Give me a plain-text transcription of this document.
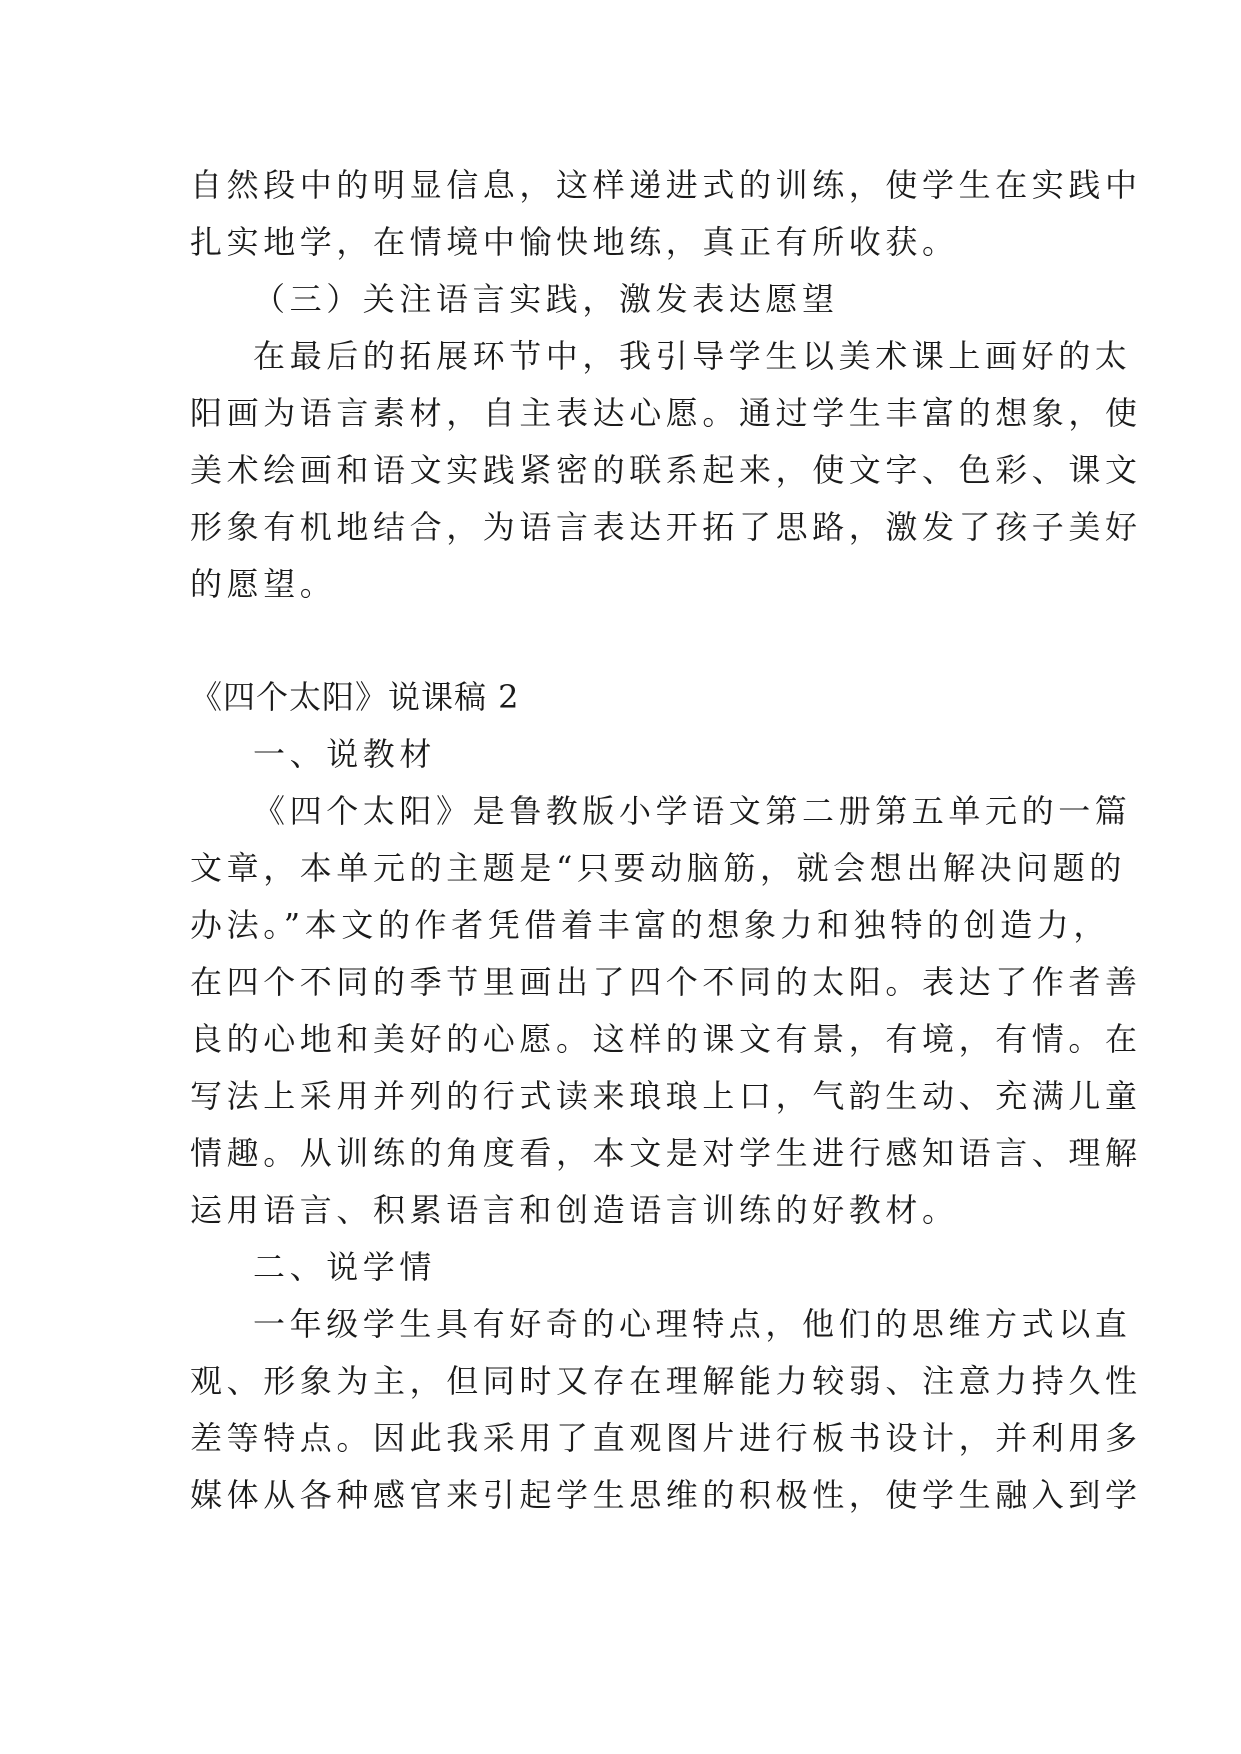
自然段中的明显信息，这样递进式的训练，使学生在实践中
扎实地学，在情境中愉快地练，真正有所收获。
（三）关注语言实践，激发表达愿望
在最后的拓展环节中，我引导学生以美术课上画好的太
阳画为语言素材，自主表达心愿。通过学生丰富的想象，使
美术绘画和语文实践紧密的联系起来，使文字、色彩、课文
形象有机地结合，为语言表达开拓了思路，激发了孩子美好
的愿望。
《四个太阳》说课稿 2
一、说教材
《四个太阳》是鲁教版小学语文第二册第五单元的一篇
文章，本单元的主题是“只要动脑筋，就会想出解决问题的
办法。”本文的作者凭借着丰富的想象力和独特的创造力，
在四个不同的季节里画出了四个不同的太阳。表达了作者善
良的心地和美好的心愿。这样的课文有景，有境，有情。在
写法上采用并列的行式读来琅琅上口，气韵生动、充满儿童
情趣。从训练的角度看，本文是对学生进行感知语言、理解
运用语言、积累语言和创造语言训练的好教材。
二、说学情
一年级学生具有好奇的心理特点，他们的思维方式以直
观、形象为主，但同时又存在理解能力较弱、注意力持久性
差等特点。因此我采用了直观图片进行板书设计，并利用多
媒体从各种感官来引起学生思维的积极性，使学生融入到学
